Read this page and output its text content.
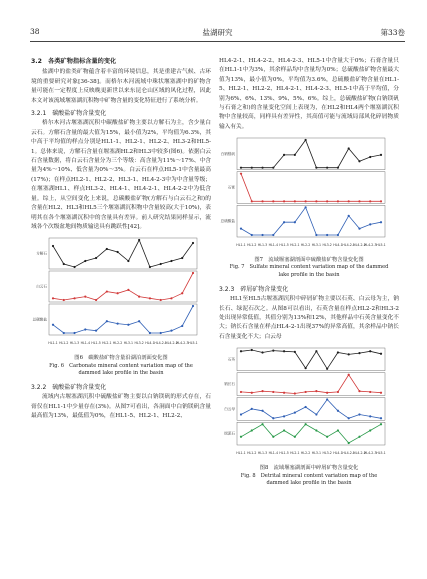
38	盐湖研究	第33卷
3.2　各类矿物指标含量的变化

盐湖中的盐类矿物蕴含着丰富的环境信息，其是重建古气候、古环境的重要研究对象[36-38]。而格尔木河流域中珠状堰塞湖中的矿物含量可能在一定程度上反映晚更新世以来东昆仑山区域的风化过程，因此本文对该流域堰塞湖沉积物中矿物含量的变化特征进行了系统分析。

3.2.1　碳酸盐矿物含量变化

格尔木河古堰塞湖沉积中碳酸盐矿物主要以方解石为主，含少量白云石。方解石含量的最大值为15%，最小值为2%，平均值为6.3%，其中高于平均值的样点分别是HL1-1、HL2-1、HL2-2、HL3-2和HL5-1。总体来说，方解石含量在堰塞湖HL2和HL3中较多(图6)。依据白云石含量数据，将白云石含量分为三个等级：高含量为11%～17%、中含量为4%～10%、低含量为0%～3%。白云石在样点HL5-1中含量最高(17%)；在样点HL2-1、HL2-2、HL3-1、HL4-2-3中为中含量等级；在堰塞湖HL1、样点HL3-2、HL4-1、HL4-2-1、HL4-2-2中为低含量。综上，从空间变化上来说，总碳酸盐矿物(方解石与白云石之和)的含量在HL2、HL3和HL5三个堰塞湖沉积物中含量较高(大于10%)，表明其在各个堰塞湖沉积中的含量具有差异。前人研究结果同样显示，流域各个次级盆地间物质输送具有跳跃性[42]。

方解石
白云石
总碳酸盐
HL1-1 HL1-2 HL1-3 HL1-4 HL1-5 HL2-1 HL2-2 HL3-1 HL3-2 HL4-1 HL4-2-1
HL4-2-2
HL4-2-3 HL5-1
图6　碳酸盐矿物含量沿湖泊剖面变化图
Fig. 6　Carbonate mineral content variation map of the
dammed lake profile in the basin
3.2.2　硫酸盐矿物含量变化

流域内古堰塞湖沉积中硫酸盐矿物主要以白钠镁矾的形式存在，石膏仅在HL1-1中少量存在(3%)。从图7可看出，各洞面中白钠镁矾含量最高值为13%，最低值为0%，在HL1-5、HL2-1、HL2-2、

HL4-2-1、HL4-2-2、HL4-2-3、HL5-1中含量大于0%；石膏含量只在HL1-1中为3%，其余样品均中含量均为0%；总硫酸盐矿物含量最大值为13%，最小值为0%，平均值为3.6%，总硫酸盐矿物含量在HL1-5、HL2-1、HL2-2、HL4-2-1、HL4-2-3、HL5-1中高于平均值，分别为6%、6%、13%、9%、5%、6%。综上，总硫酸盐矿物(白钠镁矾与石膏之和)的含量变化空间上表现为，在HL2和HL4两个堰塞湖沉积物中含量较高，同样具有差异性，其高值可能与流域局部风化碎屑物质输入有关。

白钠镁矾
石膏
总硫酸盐
HL1-1 HL1-2 HL1-3 HL1-4 HL1-5 HL2-1 HL2-2 HL3-1 HL3-2 HL4-1 HL4-2-1
HL4-2-2
HL4-2-3 HL5-1
图7　流域堰塞湖剖面中硫酸盐矿物含量变化图
Fig. 7　Sulfate mineral content variation map of the dammed
lake profile in the basin
3.2.3　碎屑矿物含量变化

HL1至HL5古堰塞湖沉积中碎屑矿物主要以石英、白云母为主，钠长石、绿泥石次之。从图8可以看出，石英含量在样点HL2-2和HL3-2处出现异常低值，其值分别为13%和12%，其他样品中石英含量变化不大；钠长石含量在样点HL4-2-1出现37%的异常高值，其余样品中钠长石含量变化不大；白云母

石英
钠长石
白云母
绿泥石
HL1-1 HL1-2 HL1-3 HL1-4 HL1-5 HL2-1 HL2-2 HL3-1 HL3-2 HL4-1 HL4-2-1
HL4-2-2
HL4-2-3 HL5-1
图8　流域堰塞湖剖面中碎屑矿物含量变化
Fig. 8　Detrital mineral content variation map of the
dammed lake profile in the basin
